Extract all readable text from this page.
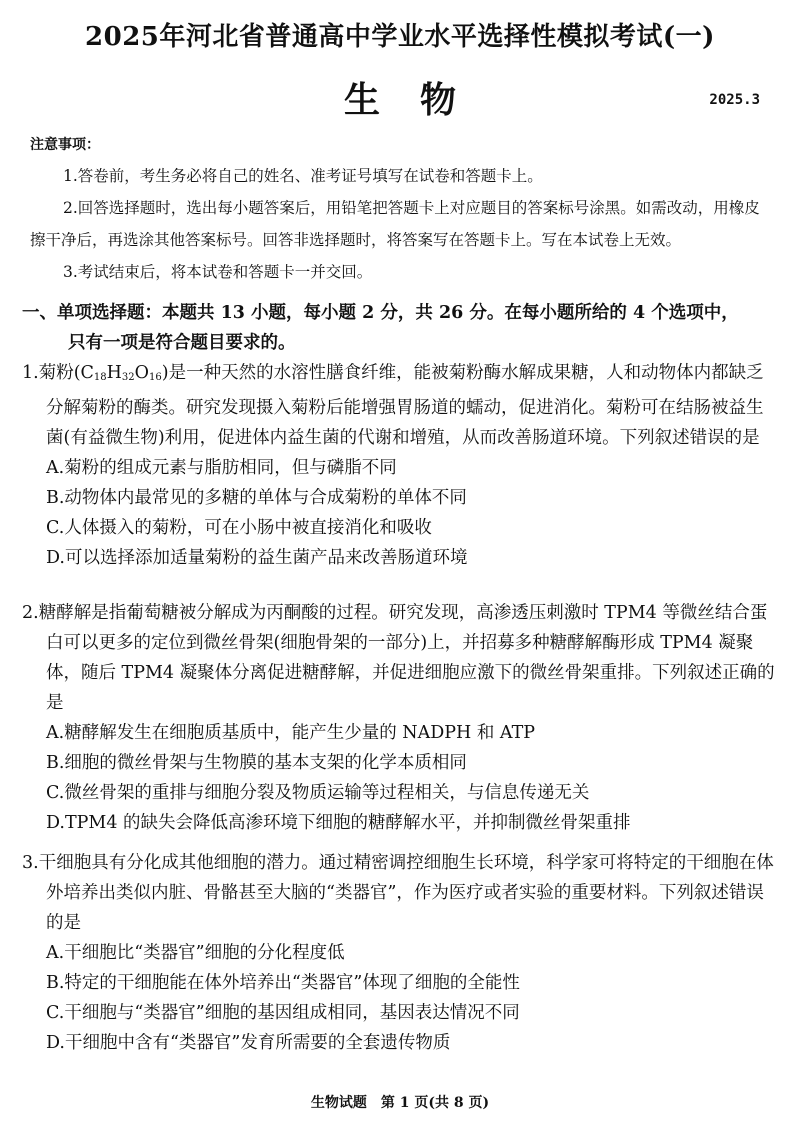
2025年河北省普通高中学业水平选择性模拟考试(一)
生物	2025.3
注意事项：
1.答卷前，考生务必将自己的姓名、准考证号填写在试卷和答题卡上。
2.回答选择题时，选出每小题答案后，用铅笔把答题卡上对应题目的答案标号涂黑。如需改动，用橡皮擦干净后，再选涂其他答案标号。回答非选择题时，将答案写在答题卡上。写在本试卷上无效。
3.考试结束后，将本试卷和答题卡一并交回。
一、单项选择题：本题共 13 小题，每小题 2 分，共 26 分。在每小题所给的 4 个选项中，
只有一项是符合题目要求的。
1.菊粉$(C_{18}H_{32}O_{16})$是一种天然的水溶性膳食纤维，能被菊粉酶水解成果糖，人和动物体内都缺乏分解菊粉的酶类。研究发现摄入菊粉后能增强胃肠道的蠕动，促进消化。菊粉可在结肠被益生菌(有益微生物)利用，促进体内益生菌的代谢和增殖，从而改善肠道环境。下列叙述错误的是
A.菊粉的组成元素与脂肪相同，但与磷脂不同
B.动物体内最常见的多糖的单体与合成菊粉的单体不同
C.人体摄入的菊粉，可在小肠中被直接消化和吸收
D.可以选择添加适量菊粉的益生菌产品来改善肠道环境
2.糖酵解是指葡萄糖被分解成为丙酮酸的过程。研究发现，高渗透压刺激时 TPM4 等微丝结合蛋白可以更多的定位到微丝骨架(细胞骨架的一部分)上，并招募多种糖酵解酶形成 TPM4 凝聚体，随后 TPM4 凝聚体分离促进糖酵解，并促进细胞应激下的微丝骨架重排。下列叙述正确的是
A.糖酵解发生在细胞质基质中，能产生少量的 NADPH 和 ATP
B.细胞的微丝骨架与生物膜的基本支架的化学本质相同
C.微丝骨架的重排与细胞分裂及物质运输等过程相关，与信息传递无关
D.TPM4 的缺失会降低高渗环境下细胞的糖酵解水平，并抑制微丝骨架重排
3.干细胞具有分化成其他细胞的潜力。通过精密调控细胞生长环境，科学家可将特定的干细胞在体外培养出类似内脏、骨骼甚至大脑的“类器官”，作为医疗或者实验的重要材料。下列叙述错误的是
A.干细胞比“类器官”细胞的分化程度低
B.特定的干细胞能在体外培养出“类器官”体现了细胞的全能性
C.干细胞与“类器官”细胞的基因组成相同，基因表达情况不同
D.干细胞中含有“类器官”发育所需要的全套遗传物质
生物试题　第 1 页(共 8 页)
